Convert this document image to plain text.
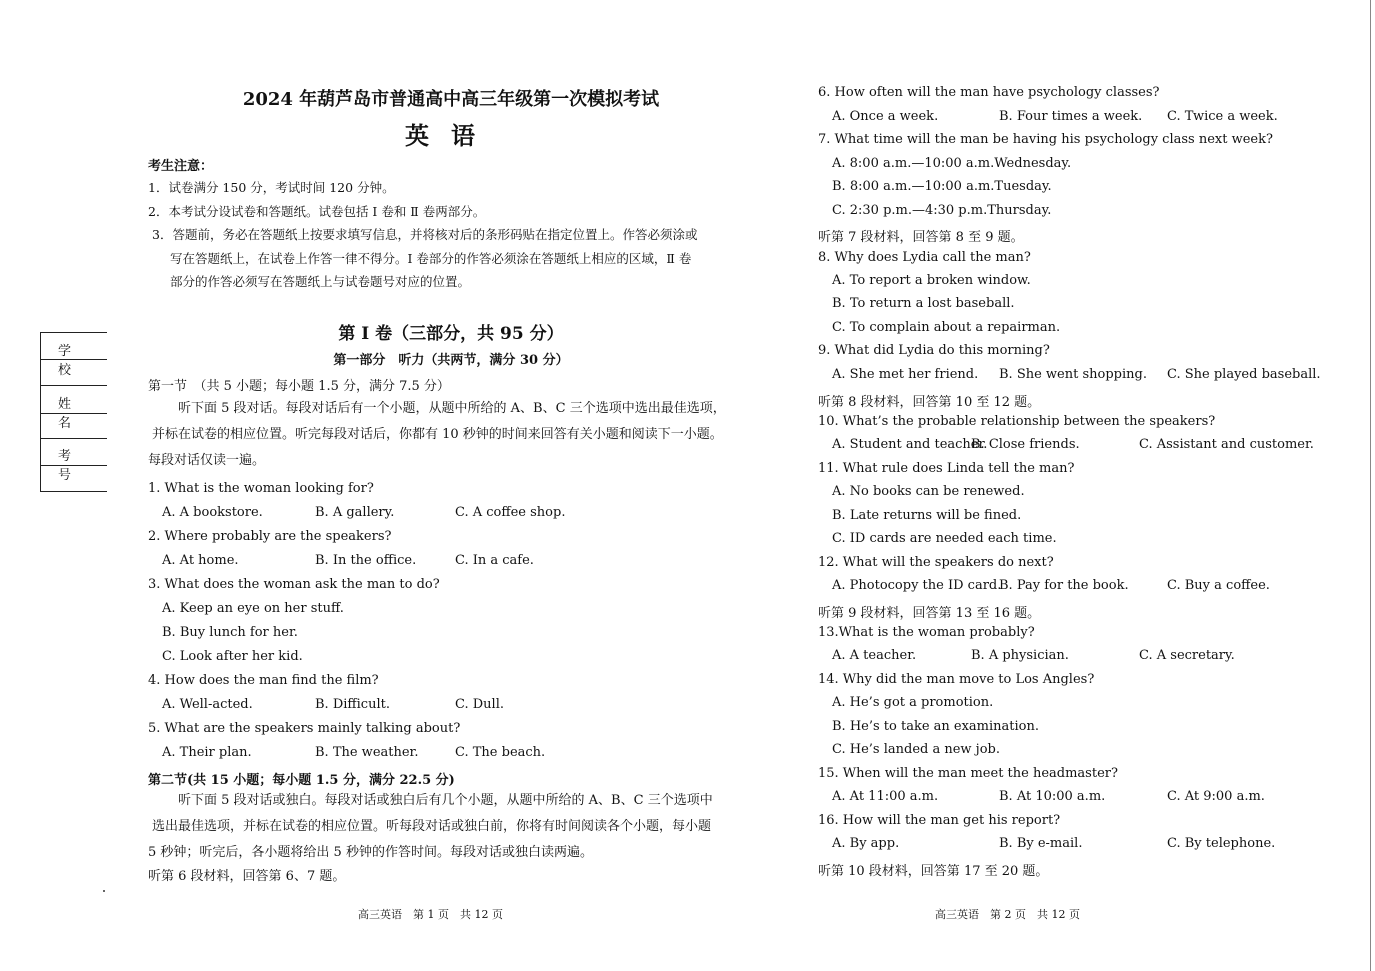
学校
姓名
考号
2024 年葫芦岛市普通高中高三年级第一次模拟考试
英语
考生注意：
1．试卷满分 150 分，考试时间 120 分钟。
2．本考试分设试卷和答题纸。试卷包括 Ⅰ 卷和 Ⅱ 卷两部分。
3．答题前，务必在答题纸上按要求填写信息，并将核对后的条形码贴在指定位置上。作答必须涂或
写在答题纸上，在试卷上作答一律不得分。Ⅰ 卷部分的作答必须涂在答题纸上相应的区域，Ⅱ 卷
部分的作答必须写在答题纸上与试卷题号对应的位置。
第 Ⅰ 卷（三部分，共 95 分）
第一部分　听力（共两节，满分 30 分）
第一节　（共 5 小题；每小题 1.5 分，满分 7.5 分）
听下面 5 段对话。每段对话后有一个小题，从题中所给的 A、B、C 三个选项中选出最佳选项，
并标在试卷的相应位置。听完每段对话后，你都有 10 秒钟的时间来回答有关小题和阅读下一小题。
每段对话仅读一遍。
1. What is the woman looking for?
A. A bookstore.	B. A gallery.	C. A coffee shop.
2. Where probably are the speakers?
A. At home.	B. In the office.	C. In a cafe.
3. What does the woman ask the man to do?
A. Keep an eye on her stuff.
B. Buy lunch for her.
C. Look after her kid.
4. How does the man find the film?
A. Well-acted.	B. Difficult.	C. Dull.
5. What are the speakers mainly talking about?
A. Their plan.	B. The weather.	C. The beach.
第二节(共 15 小题；每小题 1.5 分，满分 22.5 分)
听下面 5 段对话或独白。每段对话或独白后有几个小题，从题中所给的 A、B、C 三个选项中
选出最佳选项，并标在试卷的相应位置。听每段对话或独白前，你将有时间阅读各个小题，每小题
5 秒钟；听完后，各小题将给出 5 秒钟的作答时间。每段对话或独白读两遍。
听第 6 段材料，回答第 6、7 题。
高三英语　第 1 页　共 12 页
6. How often will the man have psychology classes?
A. Once a week.	B. Four times a week. C. Twice a week.
7. What time will the man be having his psychology class next week?
A. 8:00 a.m.—10:00 a.m.Wednesday.
B. 8:00 a.m.—10:00 a.m.Tuesday.
C. 2:30 p.m.—4:30 p.m.Thursday.
听第 7 段材料，回答第 8 至 9 题。
8. Why does Lydia call the man?
A. To report a broken window.
B. To return a lost baseball.
C. To complain about a repairman.
9. What did Lydia do this morning?
A. She met her friend. B. She went shopping. C. She played baseball.
听第 8 段材料，回答第 10 至 12 题。
10. What’s the probable relationship between the speakers?
A. Student and teacher.
B. Close friends.	C. Assistant and customer.
11. What rule does Linda tell the man?
A. No books can be renewed.
B. Late returns will be fined.
C. ID cards are needed each time.
12. What will the speakers do next?
A. Photocopy the ID card.
B. Pay for the book.	C. Buy a coffee.
听第 9 段材料，回答第 13 至 16 题。
13.What is the woman probably?
A. A teacher.	B. A physician.	C. A secretary.
14. Why did the man move to Los Angles?
A. He’s got a promotion.
B. He’s to take an examination.
C. He’s landed a new job.
15. When will the man meet the headmaster?
A. At 11:00 a.m.	B. At 10:00 a.m.	C. At 9:00 a.m.
16. How will the man get his report?
A. By app.	B. By e-mail.	C. By telephone.
听第 10 段材料，回答第 17 至 20 题。
高三英语　第 2 页　共 12 页
